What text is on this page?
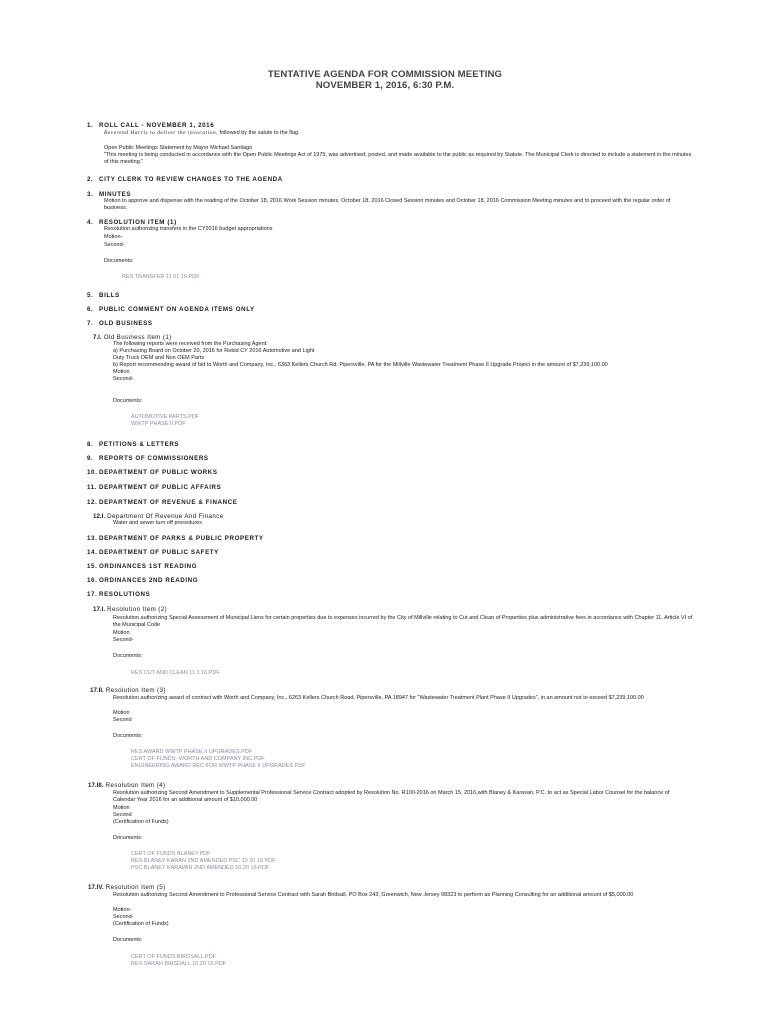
TENTATIVE AGENDA FOR COMMISSION MEETING
NOVEMBER 1, 2016, 6:30 P.M.
1. ROLL CALL - NOVEMBER 1, 2016
Reverend Harris to deliver the invocation, followed by the salute to the flag.
Open Public Meetings Statement by Mayor Michael Santiago
"This meeting is being conducted in accordance with the Open Public Meetings Act of 1975, was advertised, posted, and made available to the public as required by Statute. The Municipal Clerk is directed to include a statement in the minutes of this meeting."
2. CITY CLERK TO REVIEW CHANGES TO THE AGENDA
3. MINUTES
Motion to approve and dispense with the reading of the October 18, 2016 Work Session minutes, October 18, 2016 Closed Session minutes and October 18, 2016 Commission Meeting minutes and to proceed with the regular order of business.
4. RESOLUTION ITEM (1)
Resolution authorizing transfers in the CY2016 budget appropriations
Motion-
Second-
Documents:
RES TRANSFER 11 01 16.PDF
5. BILLS
6. PUBLIC COMMENT ON AGENDA ITEMS ONLY
7. OLD BUSINESS
7.I. Old Business Item (1)
The following reports were received from the Purchasing Agent:
a) Purchasing Board on October 20, 2016 for Rebid CY 2016 Automotive and Light
Duty Truck OEM and Non OEM Parts
b) Report recommending award of bid to Worth and Company, Inc., 6363 Kellers Church Rd, Pipersville, PA for the Millville Wastewater Treatment Phase II Upgrade Project in the amount of $7,239,100.00
Motion
Second-
Documents:
AUTOMOTIVE PARTS.PDF
WWTP PHASE II.PDF
8. PETITIONS & LETTERS
9. REPORTS OF COMMISSIONERS
10. DEPARTMENT OF PUBLIC WORKS
11. DEPARTMENT OF PUBLIC AFFAIRS
12. DEPARTMENT OF REVENUE & FINANCE
12.I. Department Of Revenue And Finance
Water and sewer turn off procedures
13. DEPARTMENT OF PARKS & PUBLIC PROPERTY
14. DEPARTMENT OF PUBLIC SAFETY
15. ORDINANCES 1ST READING
16. ORDINANCES 2ND READING
17. RESOLUTIONS
17.I. Resolution Item (2)
Resolution authorizing Special Assessment of Municipal Liens for certain properties due to expenses incurred by the City of Millville relating to Cut and Clean of Properties plus administrative fees in accordance with Chapter 11, Article VI of the Municipal Code
Motion
Second-
Documents:
RES CUT AND CLEAN 11 1 16.PDF
17.II. Resolution Item (3)
Resolution authorizing award of contract with Worth and Company, Inc., 6263 Kellers Church Road, Pipersville, PA 18947 for "Wastewater Treatment Plant Phase II Upgrades", in an amount not to exceed $7,239,100.00
Motion
Second
Documents:
RES AWARD WWTP PHASE II UPGRADES.PDF
CERT OF FUNDS- WORTH AND COMPANY INC.PDF
ENGINEERING AWARD REC FOR WWTP PHASE II UPGRADES.PDF
17.III. Resolution Item (4)
Resolution authorizing Second Amendment to Supplemental Professional Service Contract adopted by Resolution No. R100-2016 on March 15, 2016,with Blaney & Karavan, P.C. to act as Special Labor Counsel for the balance of Calendar Year 2016 for an additional amount of $10,000.00
Motion
Second
(Certification of Funds)
Documents:
CERT OF FUNDS BLANEY.PDF
RES BLANEY KARAN 2ND AMENDED PSC 10 20 16.PDF
PSC BLANEY KARAVAN 2ND AMENDED 10 20 16.PDF
17.IV. Resolution Item (5)
Resolution authorizing Second Amendment to Professional Service Contract with Sarah Birdsall, PO Box 243, Greenwich, New Jersey 08323 to perform as Planning Consulting for an additional amount of $5,000.00
Motion-
Second-
(Certification of Funds)
Documents:
CERT OF FUNDS BIRDSALL.PDF
RES SARAH BIRSDALL 10 20 16.PDF
